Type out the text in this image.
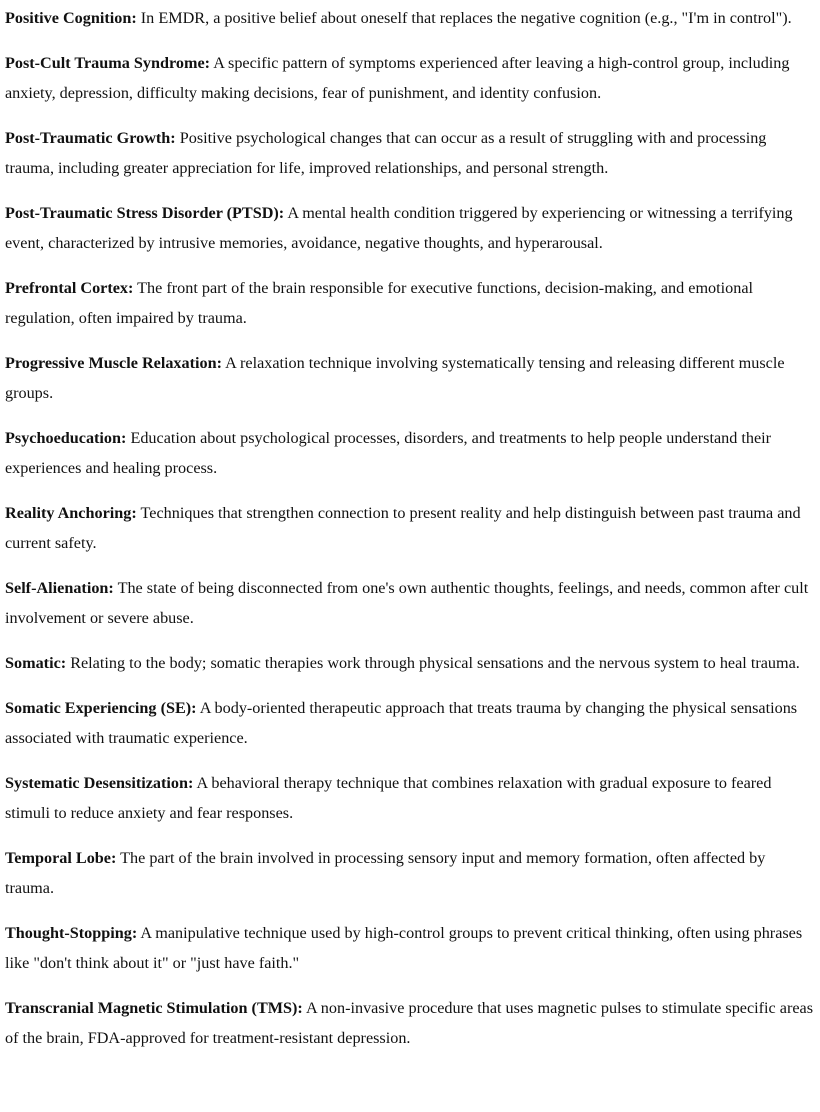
Positive Cognition: In EMDR, a positive belief about oneself that replaces the negative cognition (e.g., "I'm in control").

Post-Cult Trauma Syndrome: A specific pattern of symptoms experienced after leaving a high-control group, including anxiety, depression, difficulty making decisions, fear of punishment, and identity confusion.

Post-Traumatic Growth: Positive psychological changes that can occur as a result of struggling with and processing trauma, including greater appreciation for life, improved relationships, and personal strength.

Post-Traumatic Stress Disorder (PTSD): A mental health condition triggered by experiencing or witnessing a terrifying event, characterized by intrusive memories, avoidance, negative thoughts, and hyperarousal.

Prefrontal Cortex: The front part of the brain responsible for executive functions, decision-making, and emotional regulation, often impaired by trauma.

Progressive Muscle Relaxation: A relaxation technique involving systematically tensing and releasing different muscle groups.

Psychoeducation: Education about psychological processes, disorders, and treatments to help people understand their experiences and healing process.

Reality Anchoring: Techniques that strengthen connection to present reality and help distinguish between past trauma and current safety.

Self-Alienation: The state of being disconnected from one's own authentic thoughts, feelings, and needs, common after cult involvement or severe abuse.

Somatic: Relating to the body; somatic therapies work through physical sensations and the nervous system to heal trauma.

Somatic Experiencing (SE): A body-oriented therapeutic approach that treats trauma by changing the physical sensations associated with traumatic experience.

Systematic Desensitization: A behavioral therapy technique that combines relaxation with gradual exposure to feared stimuli to reduce anxiety and fear responses.

Temporal Lobe: The part of the brain involved in processing sensory input and memory formation, often affected by trauma.

Thought-Stopping: A manipulative technique used by high-control groups to prevent critical thinking, often using phrases like "don't think about it" or "just have faith."

Transcranial Magnetic Stimulation (TMS): A non-invasive procedure that uses magnetic pulses to stimulate specific areas of the brain, FDA-approved for treatment-resistant depression.
